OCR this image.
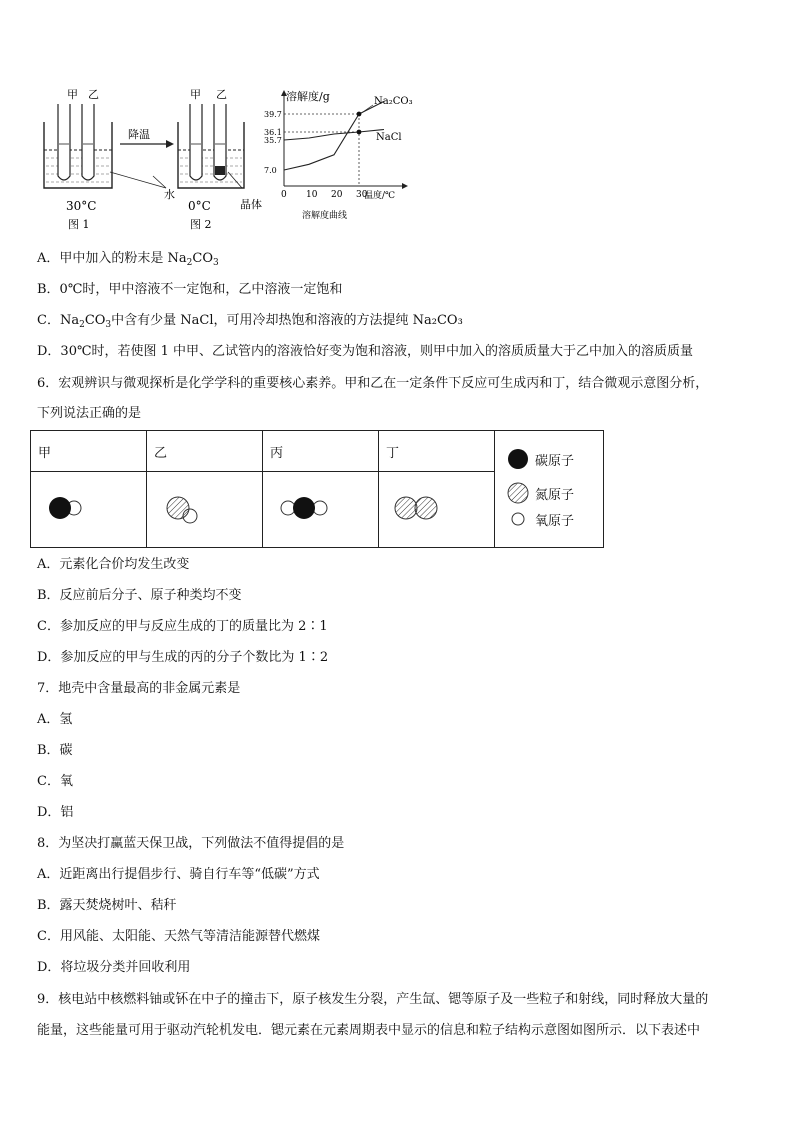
甲 乙
30°C
图 1
降温
甲 乙
晶体
水
0°C
图 2
溶解度/g
溶解度曲线
温度/℃
Na₂CO₃
NaCl
0 10 20 30
7.0
35.7
36.1
39.7
A．甲中加入的粉末是 $Na_2CO_3$
B．0℃时，甲中溶液不一定饱和，乙中溶液一定饱和
C．$Na_2CO_3$中含有少量 NaCl，可用冷却热饱和溶液的方法提纯 Na₂CO₃
D．30℃时，若使图 1 中甲、乙试管内的溶液恰好变为饱和溶液，则甲中加入的溶质质量大于乙中加入的溶质质量
6．宏观辨识与微观探析是化学学科的重要核心素养。甲和乙在一定条件下反应可生成丙和丁，结合微观示意图分析，
下列说法正确的是
甲	乙	丙	丁	碳原子
氮原子
氧原子

A．元素化合价均发生改变
B．反应前后分子、原子种类均不变
C．参加反应的甲与反应生成的丁的质量比为 2∶1
D．参加反应的甲与生成的丙的分子个数比为 1∶2
7．地壳中含量最高的非金属元素是
A．氢
B．碳
C．氧
D．铝
8．为坚决打赢蓝天保卫战，下列做法不值得提倡的是
A．近距离出行提倡步行、骑自行车等“低碳”方式
B．露天焚烧树叶、秸秆
C．用风能、太阳能、天然气等清洁能源替代燃煤
D．将垃圾分类并回收利用
9．核电站中核燃料铀或钚在中子的撞击下，原子核发生分裂，产生氙、锶等原子及一些粒子和射线，同时释放大量的
能量，这些能量可用于驱动汽轮机发电．锶元素在元素周期表中显示的信息和粒子结构示意图如图所示．以下表述中
